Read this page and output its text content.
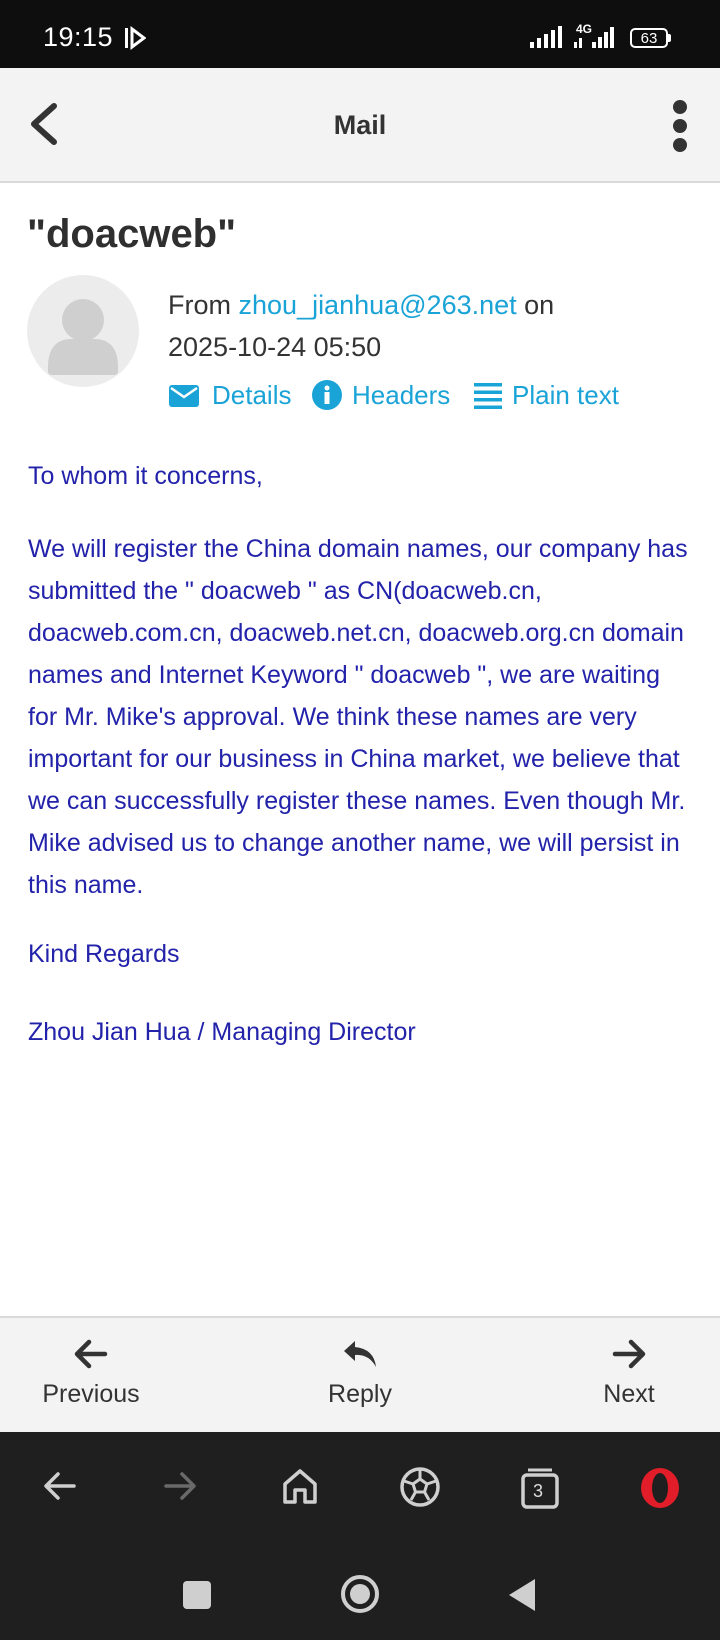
19:15	4G
63
Mail
"doacweb"
From zhou_jianhua@263.net on
2025-10-24 05:50
Details Headers Plain text
To whom it concerns,
We will register the China domain names, our company has submitted the " doacweb " as CN(doacweb.cn, doacweb.com.cn, doacweb.net.cn, doacweb.org.cn domain names and Internet Keyword " doacweb ", we are waiting for Mr. Mike's approval. We think these names are very important for our business in China market, we believe that we can successfully register these names. Even though Mr. Mike advised us to change another name, we will persist in this name.
Kind Regards
Zhou Jian Hua / Managing Director
Previous	Reply	Next
3
